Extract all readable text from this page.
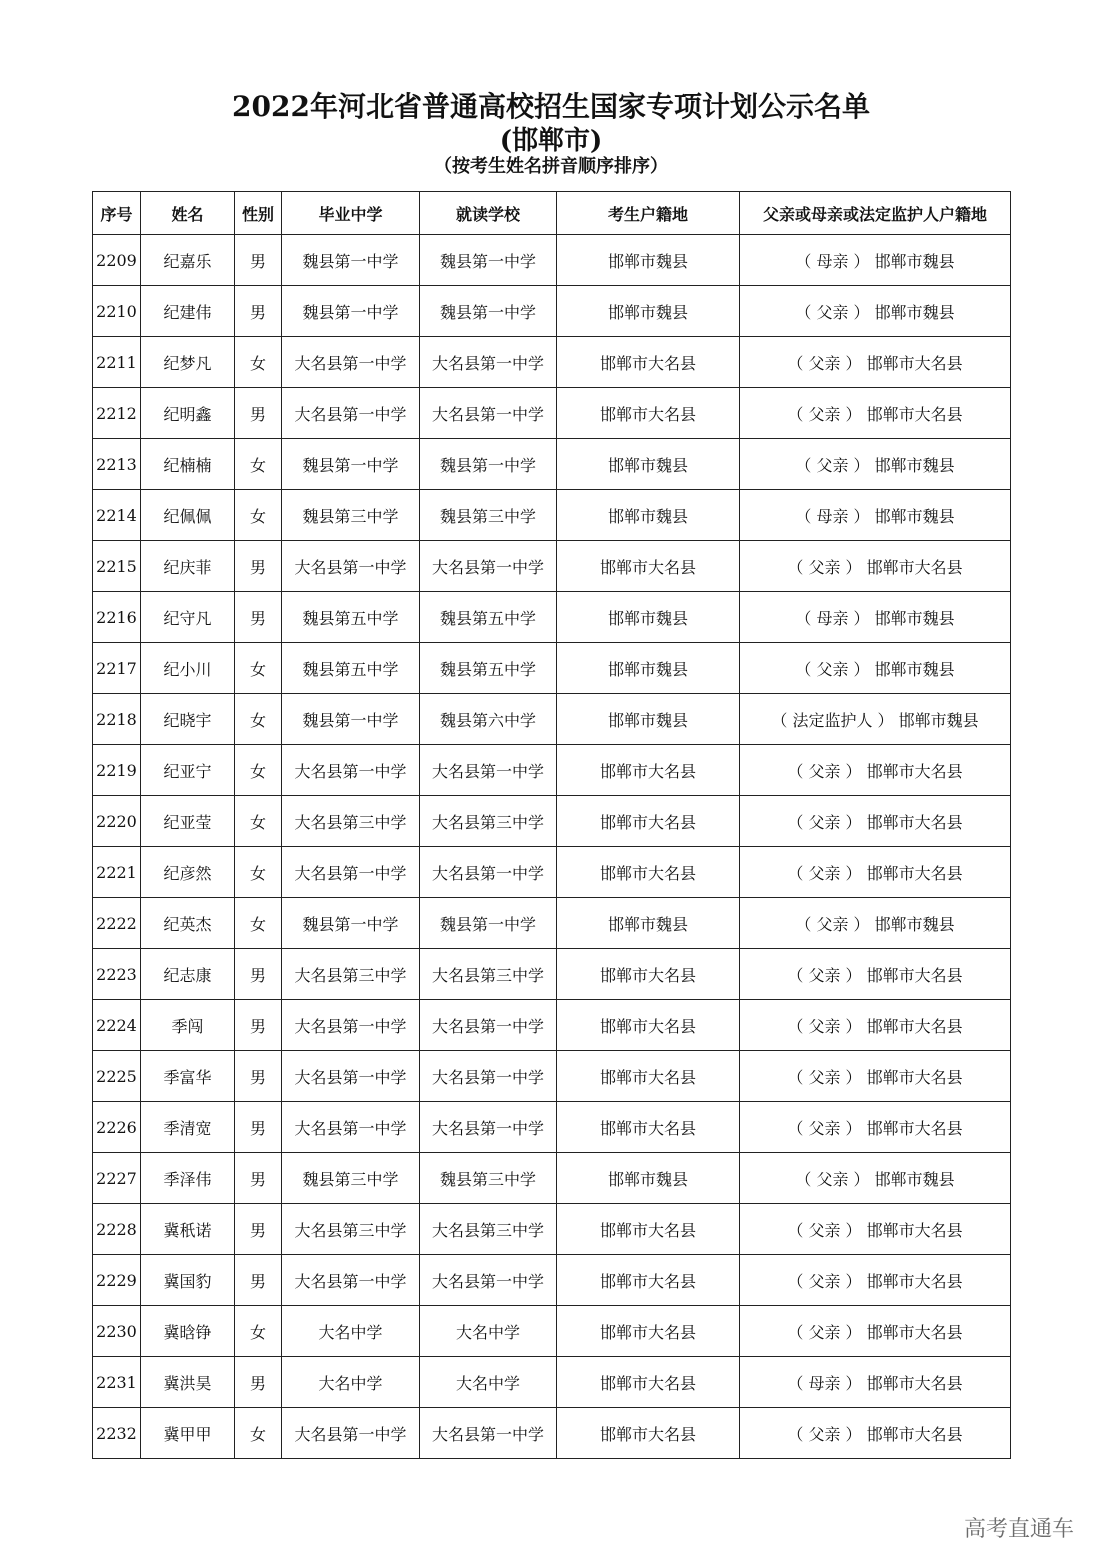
2022年河北省普通高校招生国家专项计划公示名单
(邯郸市)
（按考生姓名拼音顺序排序）
序号	姓名	性别	毕业中学	就读学校	考生户籍地	父亲或母亲或法定监护人户籍地
2209	纪嘉乐	男	魏县第一中学	魏县第一中学	邯郸市魏县	（ 母亲 ） 邯郸市魏县
2210	纪建伟	男	魏县第一中学	魏县第一中学	邯郸市魏县	（ 父亲 ） 邯郸市魏县
2211	纪梦凡	女	大名县第一中学	大名县第一中学	邯郸市大名县	（ 父亲 ） 邯郸市大名县
2212	纪明鑫	男	大名县第一中学	大名县第一中学	邯郸市大名县	（ 父亲 ） 邯郸市大名县
2213	纪楠楠	女	魏县第一中学	魏县第一中学	邯郸市魏县	（ 父亲 ） 邯郸市魏县
2214	纪佩佩	女	魏县第三中学	魏县第三中学	邯郸市魏县	（ 母亲 ） 邯郸市魏县
2215	纪庆菲	男	大名县第一中学	大名县第一中学	邯郸市大名县	（ 父亲 ） 邯郸市大名县
2216	纪守凡	男	魏县第五中学	魏县第五中学	邯郸市魏县	（ 母亲 ） 邯郸市魏县
2217	纪小川	女	魏县第五中学	魏县第五中学	邯郸市魏县	（ 父亲 ） 邯郸市魏县
2218	纪晓宇	女	魏县第一中学	魏县第六中学	邯郸市魏县	（ 法定监护人 ） 邯郸市魏县
2219	纪亚宁	女	大名县第一中学	大名县第一中学	邯郸市大名县	（ 父亲 ） 邯郸市大名县
2220	纪亚莹	女	大名县第三中学	大名县第三中学	邯郸市大名县	（ 父亲 ） 邯郸市大名县
2221	纪彦然	女	大名县第一中学	大名县第一中学	邯郸市大名县	（ 父亲 ） 邯郸市大名县
2222	纪英杰	女	魏县第一中学	魏县第一中学	邯郸市魏县	（ 父亲 ） 邯郸市魏县
2223	纪志康	男	大名县第三中学	大名县第三中学	邯郸市大名县	（ 父亲 ） 邯郸市大名县
2224	季闯	男	大名县第一中学	大名县第一中学	邯郸市大名县	（ 父亲 ） 邯郸市大名县
2225	季富华	男	大名县第一中学	大名县第一中学	邯郸市大名县	（ 父亲 ） 邯郸市大名县
2226	季清宽	男	大名县第一中学	大名县第一中学	邯郸市大名县	（ 父亲 ） 邯郸市大名县
2227	季泽伟	男	魏县第三中学	魏县第三中学	邯郸市魏县	（ 父亲 ） 邯郸市魏县
2228	冀秖诺	男	大名县第三中学	大名县第三中学	邯郸市大名县	（ 父亲 ） 邯郸市大名县
2229	冀国豹	男	大名县第一中学	大名县第一中学	邯郸市大名县	（ 父亲 ） 邯郸市大名县
2230	冀晗铮	女	大名中学	大名中学	邯郸市大名县	（ 父亲 ） 邯郸市大名县
2231	冀洪昊	男	大名中学	大名中学	邯郸市大名县	（ 母亲 ） 邯郸市大名县
2232	冀甲甲	女	大名县第一中学	大名县第一中学	邯郸市大名县	（ 父亲 ） 邯郸市大名县
高考直通车
